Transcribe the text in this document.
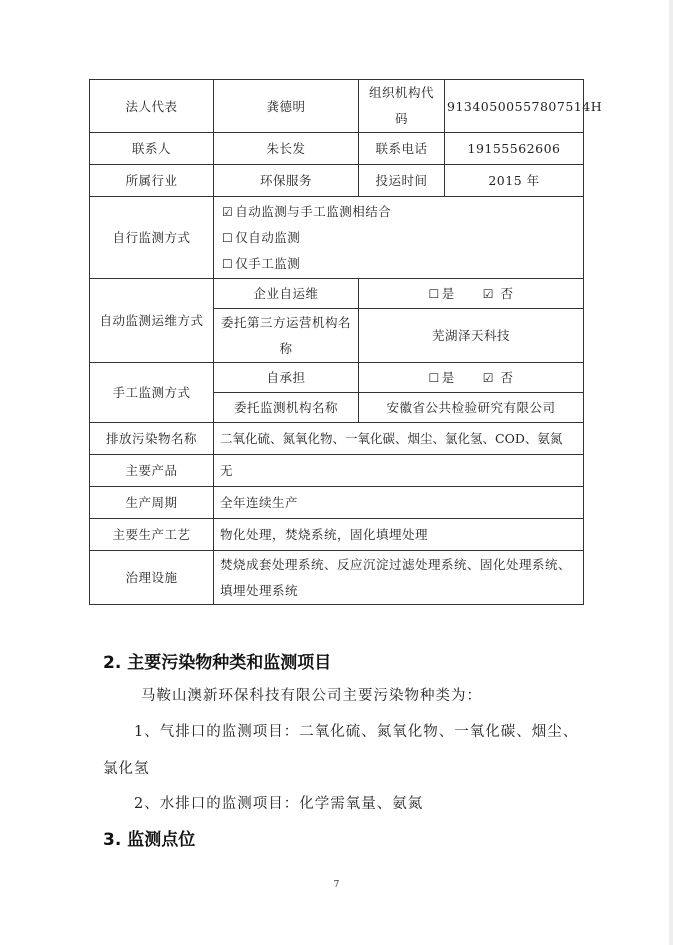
法人代表	龚德明	组织机构代码	91340500557807514H
联系人	朱长发	联系电话	19155562606
所属行业	环保服务	投运时间	2015 年
自行监测方式	☑ 自动监测与手工监测相结合
☐ 仅自动监测
☐ 仅手工监测		

自动监测运维方式	企业自运维	☐ 是 ☑ 否	
	委托第三方运营机构名称	芜湖泽天科技	
手工监测方式	自承担	☐ 是 ☑ 否	
	委托监测机构名称	安徽省公共检验研究有限公司	
排放污染物名称	二氧化硫、氮氧化物、一氧化碳、烟尘、氯化氢、COD、氨氮		
主要产品	无		
生产周期	全年连续生产		
主要生产工艺	物化处理，焚烧系统，固化填埋处理		
治理设施	焚烧成套处理系统、反应沉淀过滤处理系统、固化处理系统、填埋处理系统		
2. 主要污染物种类和监测项目
马鞍山澳新环保科技有限公司主要污染物种类为：
1、气排口的监测项目：二氧化硫、氮氧化物、一氧化碳、烟尘、
氯化氢
2、水排口的监测项目：化学需氧量、氨氮
3. 监测点位
7
